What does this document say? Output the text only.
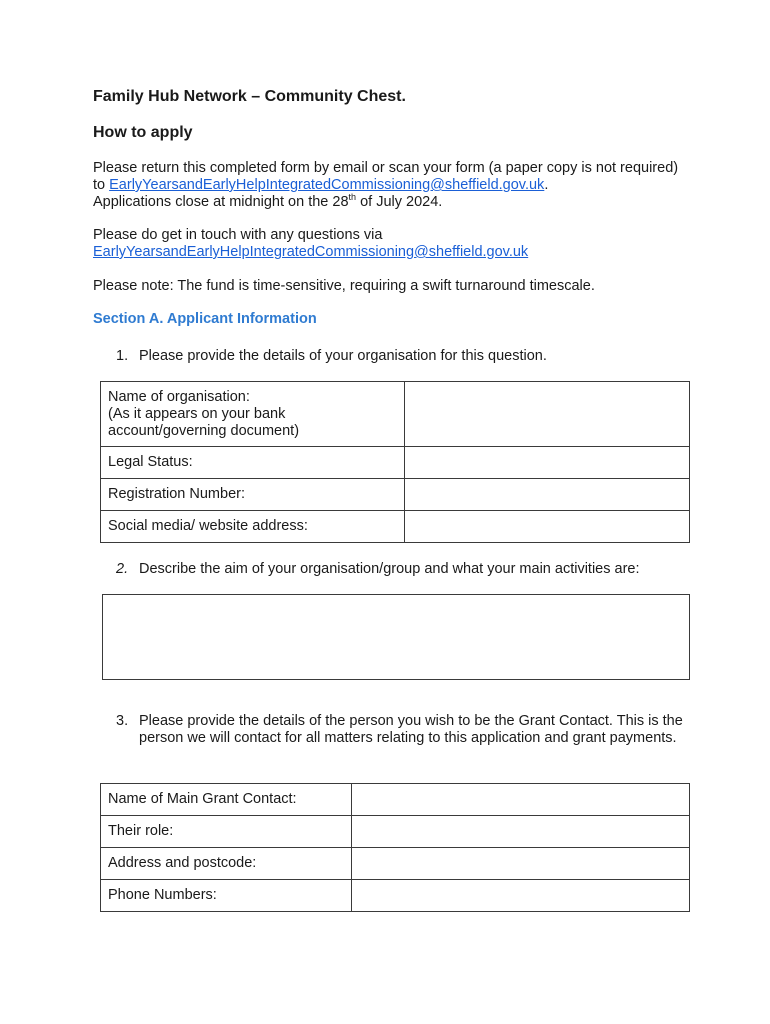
Family Hub Network – Community Chest.
How to apply

Please return this completed form by email or scan your form (a paper copy is not required) to EarlyYearsandEarlyHelpIntegratedCommissioning@sheffield.gov.uk.
Applications close at midnight on the 28th of July 2024.

Please do get in touch with any questions via
EarlyYearsandEarlyHelpIntegratedCommissioning@sheffield.gov.uk

Please note: The fund is time-sensitive, requiring a swift turnaround timescale.

Section A. Applicant Information
1. Please provide the details of your organisation for this question.
Name of organisation:
(As it appears on your bank
account/governing document)	
Legal Status:	
Registration Number:	
Social media/ website address:	
2. Describe the aim of your organisation/group and what your main activities are:
3. Please provide the details of the person you wish to be the Grant Contact. This is the person we will contact for all matters relating to this application and grant payments.
Name of Main Grant Contact:	
Their role:	
Address and postcode:	
Phone Numbers:	
